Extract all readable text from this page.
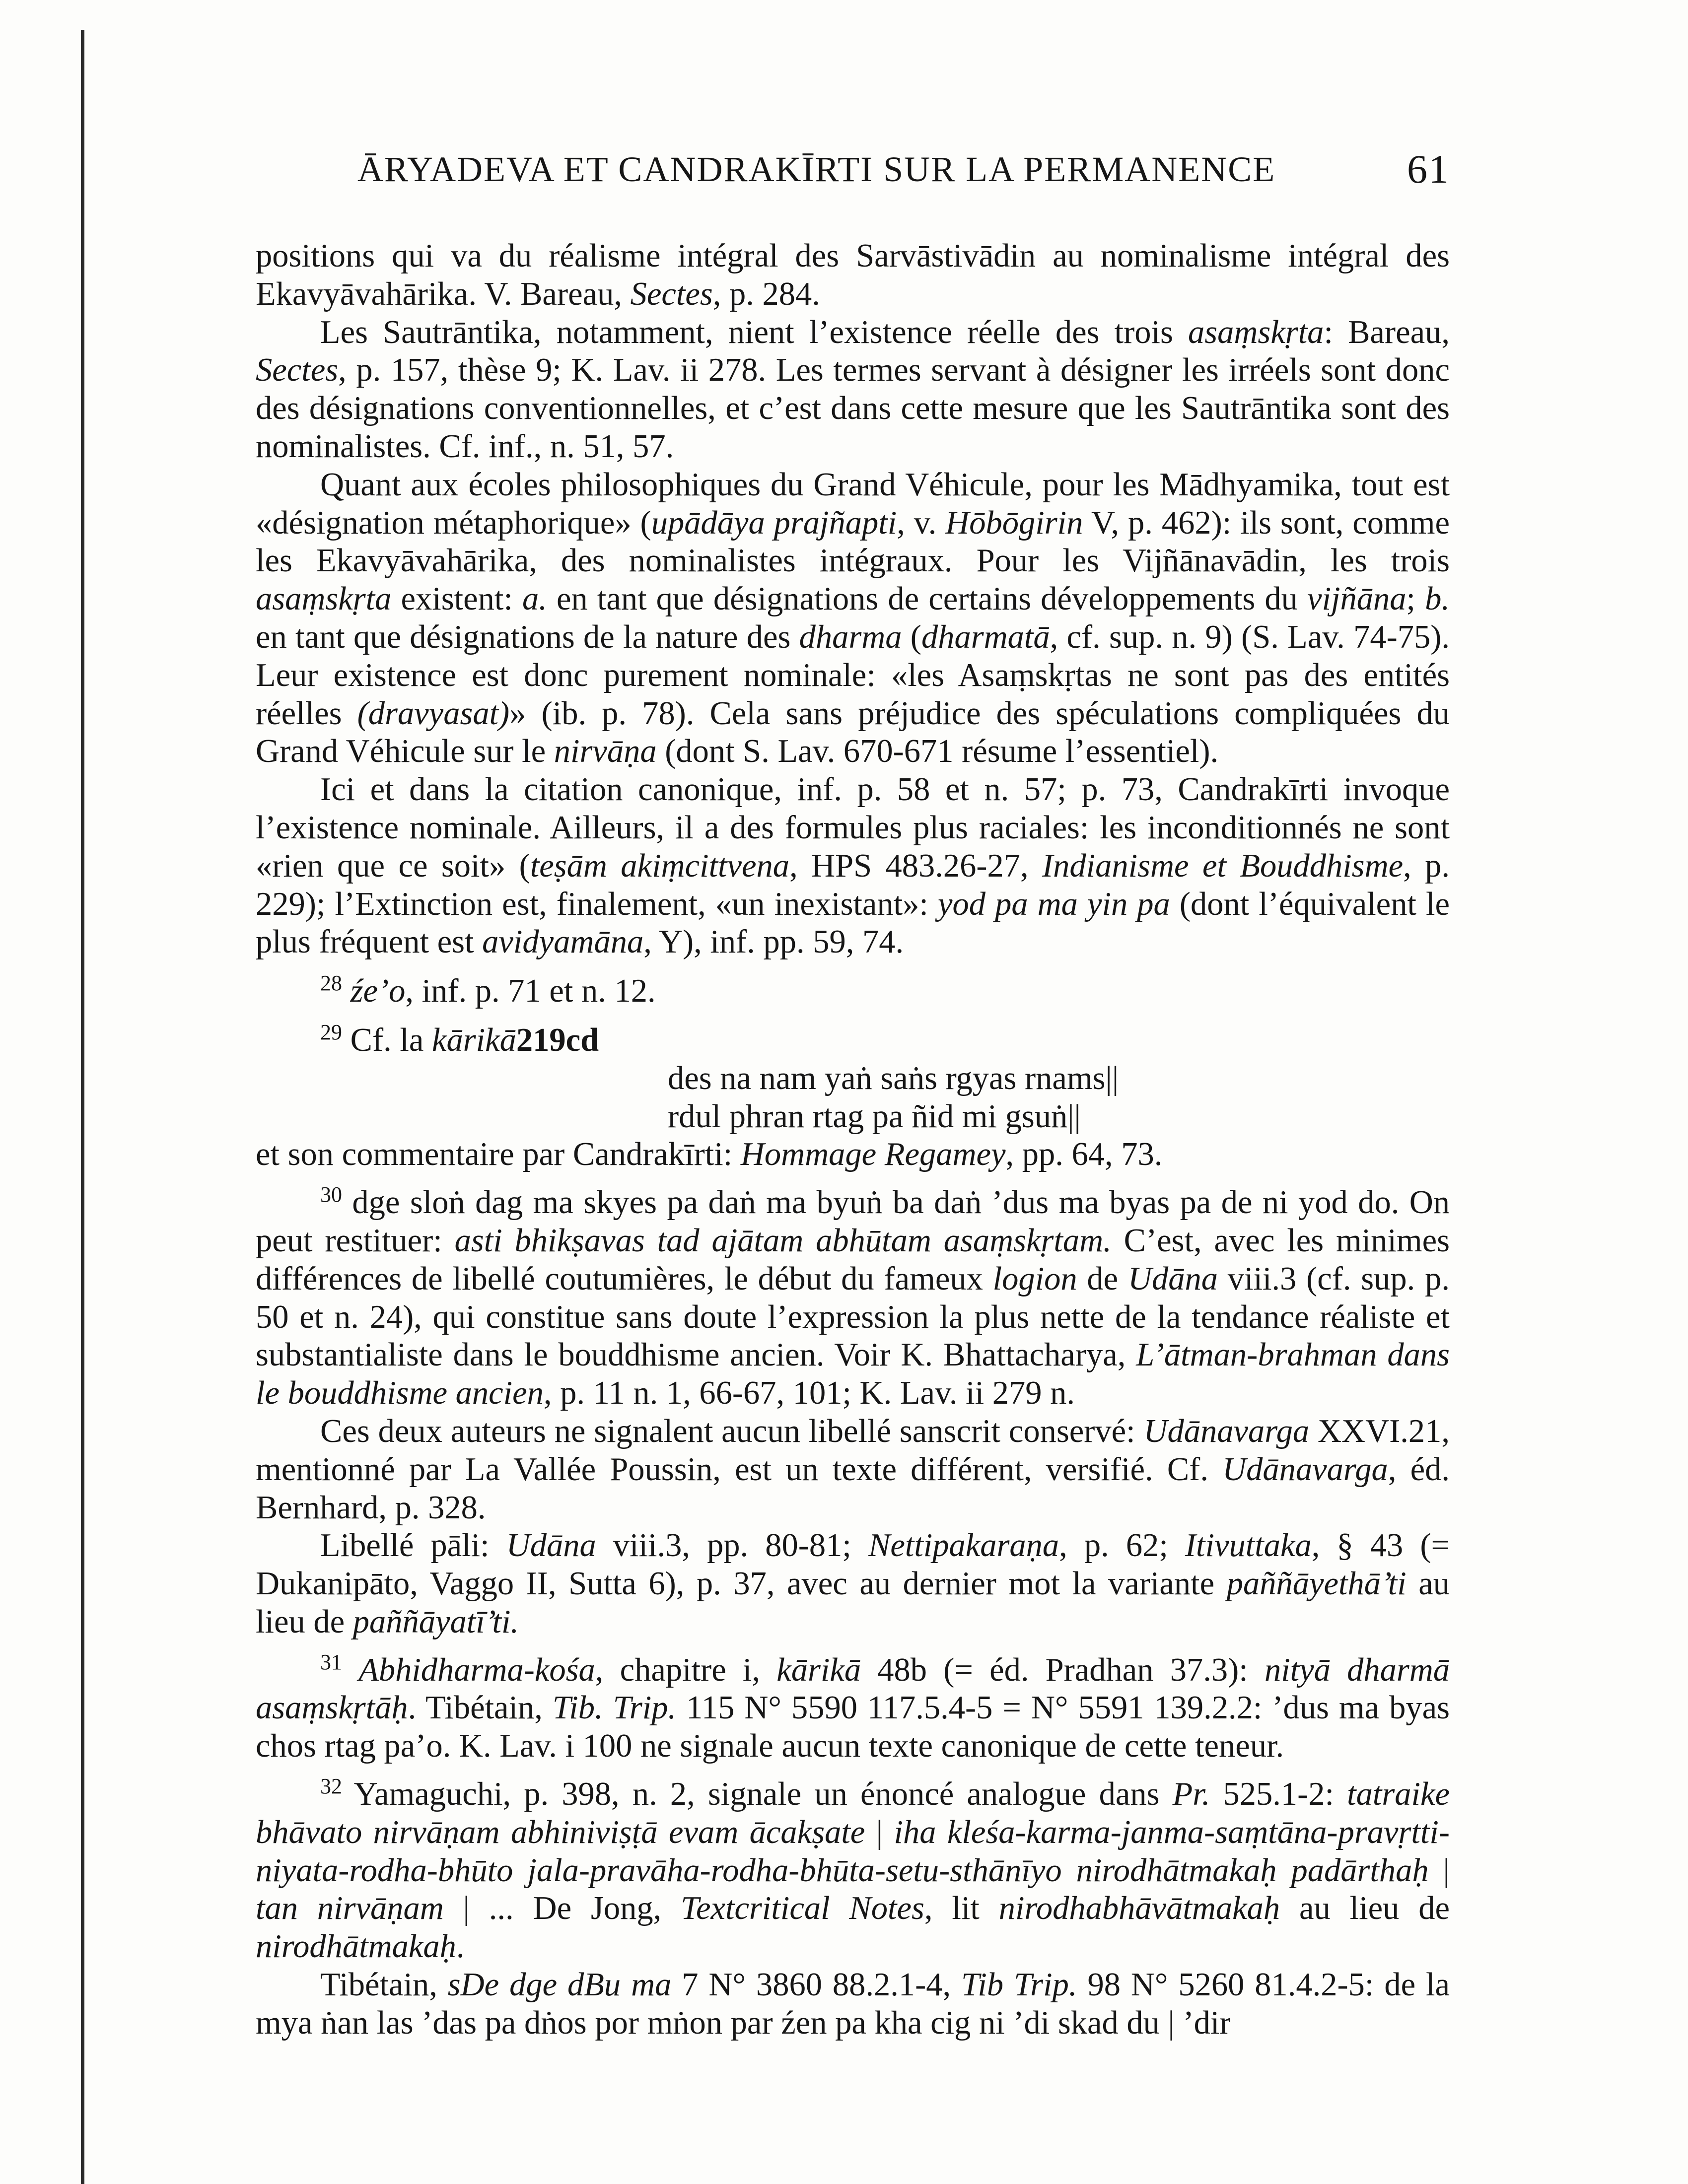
ĀRYADEVA ET CANDRAKĪRTI SUR LA PERMANENCE	61

positions qui va du réalisme intégral des Sarvāstivādin au nominalisme intégral des Ekavyāvahārika. V. Bareau, Sectes, p. 284.

Les Sautrāntika, notamment, nient l’existence réelle des trois asaṃskṛta: Bareau, Sectes, p. 157, thèse 9; K. Lav. ii 278. Les termes servant à désigner les irréels sont donc des désignations conventionnelles, et c’est dans cette mesure que les Sautrāntika sont des nominalistes. Cf. inf., n. 51, 57.

Quant aux écoles philosophiques du Grand Véhicule, pour les Mādhyamika, tout est «désignation métaphorique» (upādāya prajñapti, v. Hōbōgirin V, p. 462): ils sont, comme les Ekavyāvahārika, des nominalistes intégraux. Pour les Vijñānavādin, les trois asaṃskṛta existent: a. en tant que désignations de certains développements du vijñāna; b. en tant que désignations de la nature des dharma (dharmatā, cf. sup. n. 9) (S. Lav. 74-75). Leur existence est donc purement nominale: «les Asaṃskṛtas ne sont pas des entités réelles (dravyasat)» (ib. p. 78). Cela sans préjudice des spéculations compliquées du Grand Véhicule sur le nirvāṇa (dont S. Lav. 670-671 résume l’essentiel).

Ici et dans la citation canonique, inf. p. 58 et n. 57; p. 73, Candrakīrti invoque l’existence nominale. Ailleurs, il a des formules plus raciales: les inconditionnés ne sont «rien que ce soit» (teṣām akiṃcittvena, HPS 483.26-27, Indianisme et Bouddhisme, p. 229); l’Extinction est, finalement, «un inexistant»: yod pa ma yin pa (dont l’équivalent le plus fréquent est avidyamāna, Y), inf. pp. 59, 74.

$^{28}$ źe’o, inf. p. 71 et n. 12.

$^{29}$ Cf. la kārikā219cd

des na nam yaṅ saṅs rgyas rnams||

rdul phran rtag pa ñid mi gsuṅ||

et son commentaire par Candrakīrti: Hommage Regamey, pp. 64, 73.

$^{30}$ dge sloṅ dag ma skyes pa daṅ ma byuṅ ba daṅ ’dus ma byas pa de ni yod do. On peut restituer: asti bhikṣavas tad ajātam abhūtam asaṃskṛtam. C’est, avec les minimes différences de libellé coutumières, le début du fameux logion de Udāna viii.3 (cf. sup. p. 50 et n. 24), qui constitue sans doute l’expression la plus nette de la tendance réaliste et substantialiste dans le bouddhisme ancien. Voir K. Bhattacharya, L’ātman-brahman dans le bouddhisme ancien, p. 11 n. 1, 66-67, 101; K. Lav. ii 279 n.

Ces deux auteurs ne signalent aucun libellé sanscrit conservé: Udānavarga XXVI.21, mentionné par La Vallée Poussin, est un texte différent, versifié. Cf. Udānavarga, éd. Bernhard, p. 328.

Libellé pāli: Udāna viii.3, pp. 80-81; Nettipakaraṇa, p. 62; Itivuttaka, § 43 (= Dukanipāto, Vaggo II, Sutta 6), p. 37, avec au dernier mot la variante paññāyethā’ti au lieu de paññāyatī’ti.

$^{31}$ Abhidharma-kośa, chapitre i, kārikā 48b (= éd. Pradhan 37.3): nityā dharmā asaṃskṛtāḥ. Tibétain, Tib. Trip. 115 N° 5590 117.5.4-5 = N° 5591 139.2.2: ’dus ma byas chos rtag pa’o. K. Lav. i 100 ne signale aucun texte canonique de cette teneur.

$^{32}$ Yamaguchi, p. 398, n. 2, signale un énoncé analogue dans Pr. 525.1-2: tatraike bhāvato nirvāṇam abhiniviṣṭā evam ācakṣate | iha kleśa-karma-janma-saṃtāna-pravṛtti-niyata-rodha-bhūto jala-pravāha-rodha-bhūta-setu-sthānīyo nirodhātmakaḥ padārthaḥ | tan nirvāṇam | ... De Jong, Textcritical Notes, lit nirodhabhāvātmakaḥ au lieu de nirodhātmakaḥ.

Tibétain, sDe dge dBu ma 7 N° 3860 88.2.1-4, Tib Trip. 98 N° 5260 81.4.2-5: de la mya ṅan las ’das pa dṅos por mṅon par źen pa kha cig ni ’di skad du | ’dir
